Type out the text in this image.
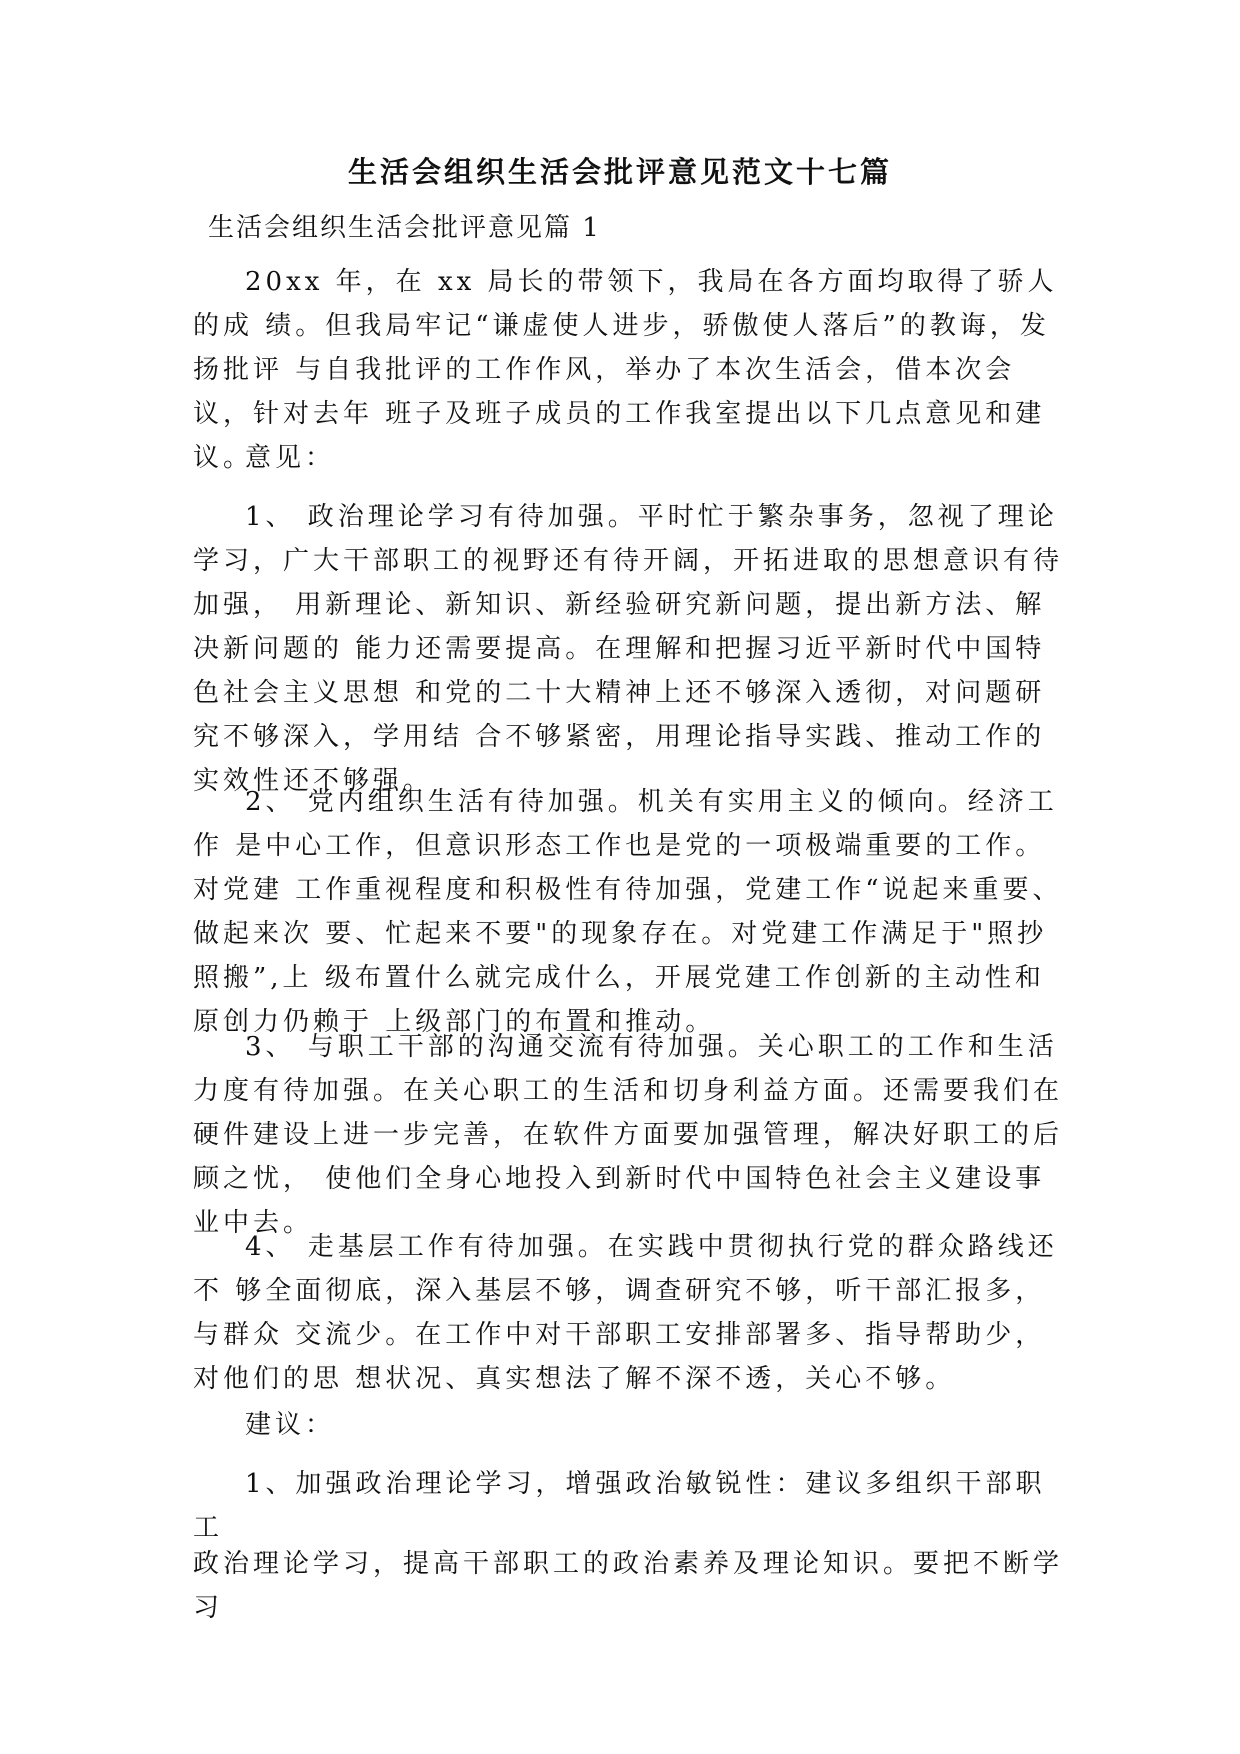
生活会组织生活会批评意见范文十七篇

生活会组织生活会批评意见篇 1

20xx 年，在 xx 局长的带领下，我局在各方面均取得了骄人的成 绩。但我局牢记“谦虚使人进步，骄傲使人落后”的教诲，发扬批评 与自我批评的工作作风，举办了本次生活会，借本次会议，针对去年 班子及班子成员的工作我室提出以下几点意见和建议。

意见：

1、 政治理论学习有待加强。平时忙于繁杂事务，忽视了理论学习，广大干部职工的视野还有待开阔，开拓进取的思想意识有待加强， 用新理论、新知识、新经验研究新问题，提出新方法、解决新问题的 能力还需要提高。在理解和把握习近平新时代中国特色社会主义思想 和党的二十大精神上还不够深入透彻，对问题研究不够深入，学用结 合不够紧密，用理论指导实践、推动工作的实效性还不够强。

2、 党内组织生活有待加强。机关有实用主义的倾向。经济工作 是中心工作，但意识形态工作也是党的一项极端重要的工作。对党建 工作重视程度和积极性有待加强，党建工作“说起来重要、做起来次 要、忙起来不要"的现象存在。对党建工作满足于"照抄照搬”,上 级布置什么就完成什么，开展党建工作创新的主动性和原创力仍赖于 上级部门的布置和推动。

3、 与职工干部的沟通交流有待加强。关心职工的工作和生活力度有待加强。在关心职工的生活和切身利益方面。还需要我们在硬件建设上进一步完善，在软件方面要加强管理，解决好职工的后顾之忧， 使他们全身心地投入到新时代中国特色社会主义建设事业中去。

4、 走基层工作有待加强。在实践中贯彻执行党的群众路线还不 够全面彻底，深入基层不够，调查研究不够，听干部汇报多，与群众 交流少。在工作中对干部职工安排部署多、指导帮助少，对他们的思 想状况、真实想法了解不深不透，关心不够。

建议：

1、加强政治理论学习，增强政治敏锐性：建议多组织干部职工

政治理论学习，提高干部职工的政治素养及理论知识。要把不断学习
